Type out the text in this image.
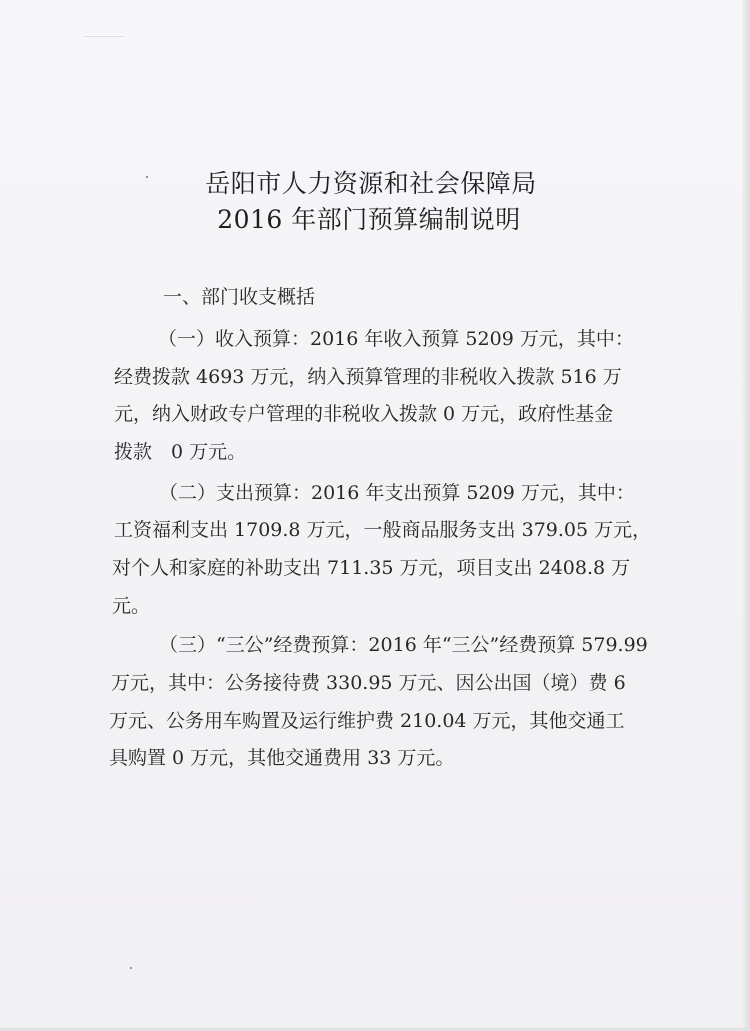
岳阳市人力资源和社会保障局
2016 年部门预算编制说明
一、部门收支概括
（一）收入预算：2016 年收入预算 5209 万元，其中：
经费拨款 4693 万元，纳入预算管理的非税收入拨款 516 万
元，纳入财政专户管理的非税收入拨款 0 万元，政府性基金
拨款　0 万元。
（二）支出预算：2016 年支出预算 5209 万元，其中：
工资福利支出 1709.8 万元，一般商品服务支出 379.05 万元，
对个人和家庭的补助支出 711.35 万元，项目支出 2408.8 万
元。
（三）“三公”经费预算：2016 年“三公”经费预算 579.99
万元，其中：公务接待费 330.95 万元、因公出国（境）费 6
万元、公务用车购置及运行维护费 210.04 万元，其他交通工
具购置 0 万元，其他交通费用 33 万元。
